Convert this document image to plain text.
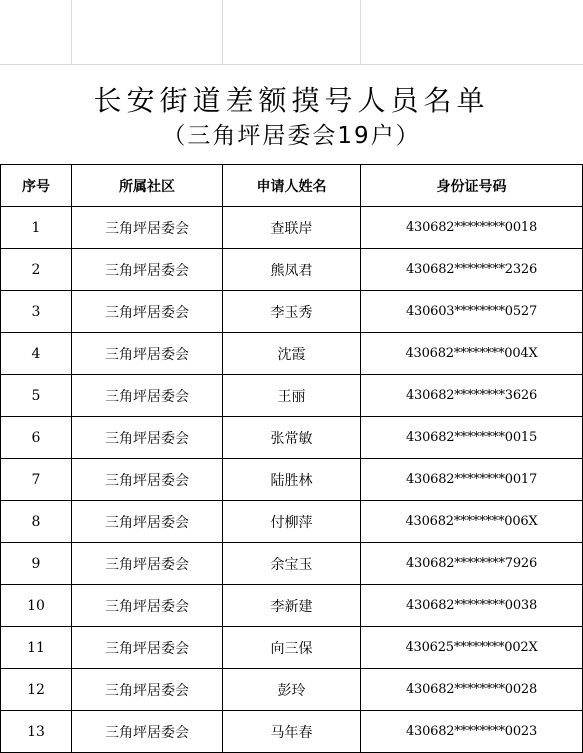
长安街道差额摸号人员名单
（三角坪居委会19户）
序号	所属社区	申请人姓名	身份证号码
1	三角坪居委会	查联岸	430682********0018
2	三角坪居委会	熊凤君	430682********2326
3	三角坪居委会	李玉秀	430603********0527
4	三角坪居委会	沈霞	430682********004X
5	三角坪居委会	王丽	430682********3626
6	三角坪居委会	张常敏	430682********0015
7	三角坪居委会	陆胜林	430682********0017
8	三角坪居委会	付柳萍	430682********006X
9	三角坪居委会	余宝玉	430682********7926
10	三角坪居委会	李新建	430682********0038
11	三角坪居委会	向三保	430625********002X
12	三角坪居委会	彭玲	430682********0028
13	三角坪居委会	马年春	430682********0023
